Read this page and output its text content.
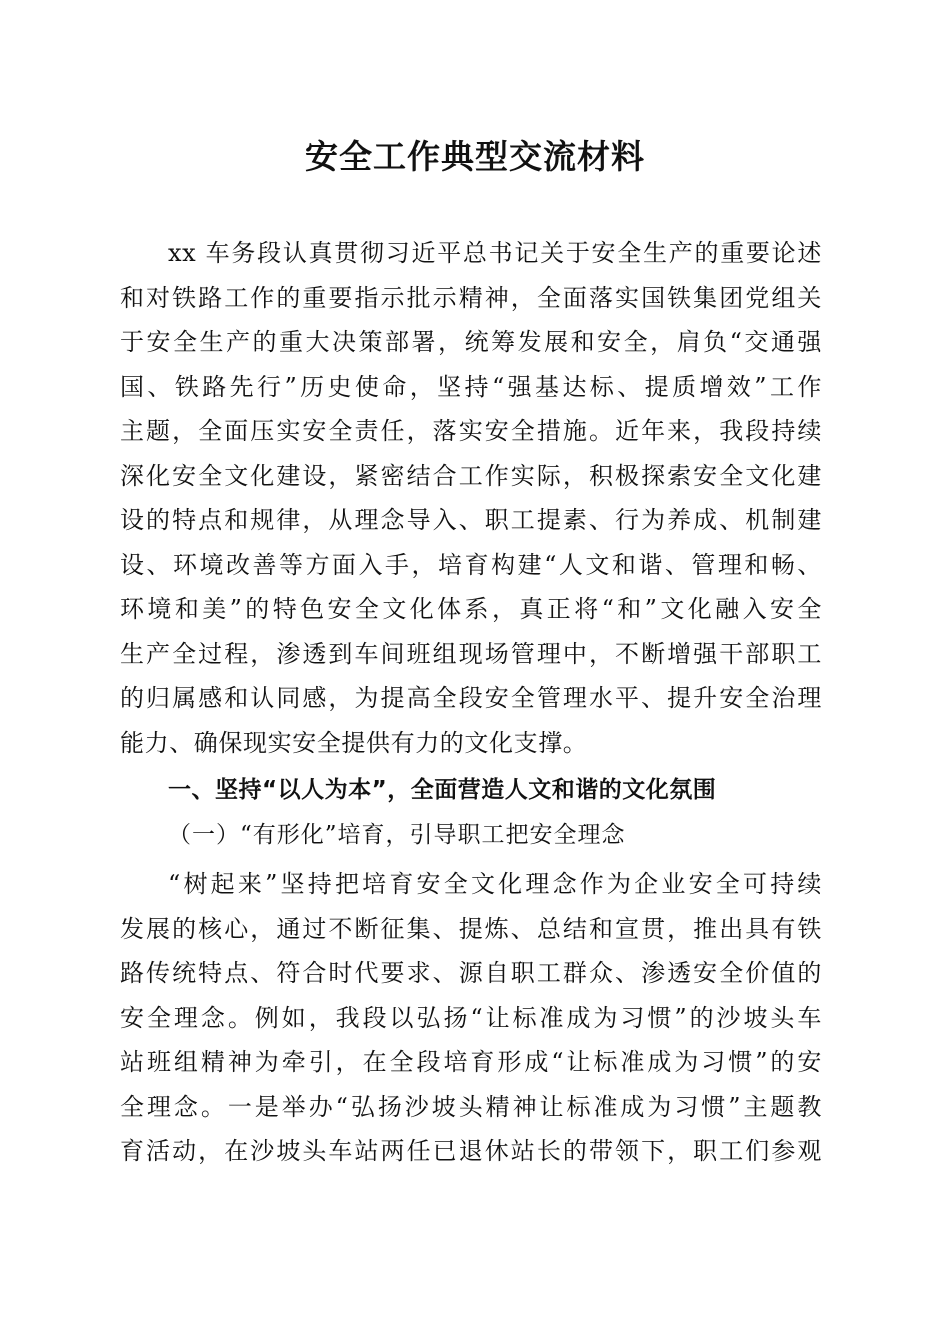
安全工作典型交流材料
xx 车务段认真贯彻习近平总书记关于安全生产的重要论述
和对铁路工作的重要指示批示精神，全面落实国铁集团党组关
于安全生产的重大决策部署，统筹发展和安全，肩负“交通强
国、铁路先行”历史使命，坚持“强基达标、提质增效”工作
主题，全面压实安全责任，落实安全措施。近年来，我段持续
深化安全文化建设，紧密结合工作实际，积极探索安全文化建
设的特点和规律，从理念导入、职工提素、行为养成、机制建
设、环境改善等方面入手，培育构建“人文和谐、管理和畅、
环境和美”的特色安全文化体系，真正将“和”文化融入安全
生产全过程，渗透到车间班组现场管理中，不断增强干部职工
的归属感和认同感，为提高全段安全管理水平、提升安全治理
能力、确保现实安全提供有力的文化支撑。
一、坚持“以人为本”，全面营造人文和谐的文化氛围
（一）“有形化”培育，引导职工把安全理念
“树起来”坚持把培育安全文化理念作为企业安全可持续
发展的核心，通过不断征集、提炼、总结和宣贯，推出具有铁
路传统特点、符合时代要求、源自职工群众、渗透安全价值的
安全理念。例如，我段以弘扬“让标准成为习惯”的沙坡头车
站班组精神为牵引，在全段培育形成“让标准成为习惯”的安
全理念。一是举办“弘扬沙坡头精神让标准成为习惯”主题教
育活动，在沙坡头车站两任已退休站长的带领下，职工们参观
